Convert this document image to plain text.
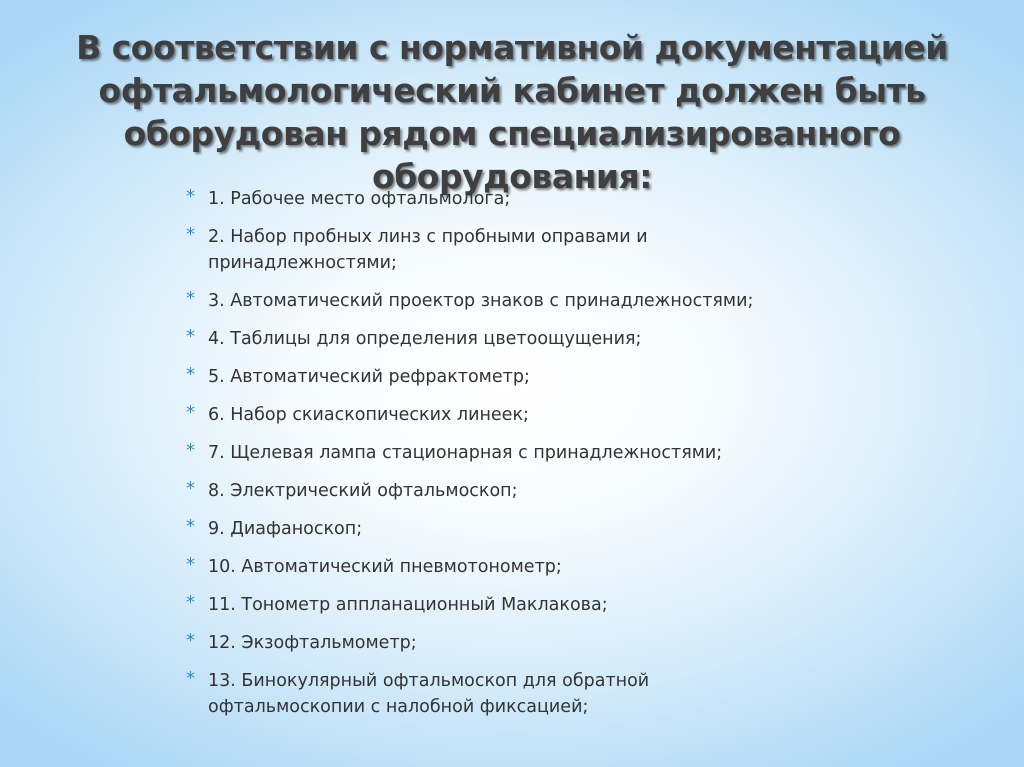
В соответствии с нормативной документацией офтальмологический кабинет должен быть оборудован рядом специализированного оборудования:
* 1. Рабочее место офтальмолога;
* 2. Набор пробных линз с пробными оправами и принадлежностями;
* 3. Автоматический проектор знаков с принадлежностями;
* 4. Таблицы для определения цветоощущения;
* 5. Автоматический рефрактометр;
* 6. Набор скиаскопических линеек;
* 7. Щелевая лампа стационарная с принадлежностями;
* 8. Электрический офтальмоскоп;
* 9. Диафаноскоп;
* 10. Автоматический пневмотонометр;
* 11. Тонометр аппланационный Маклакова;
* 12. Экзофтальмометр;
* 13. Бинокулярный офтальмоскоп для обратной офтальмоскопии с налобной фиксацией;
